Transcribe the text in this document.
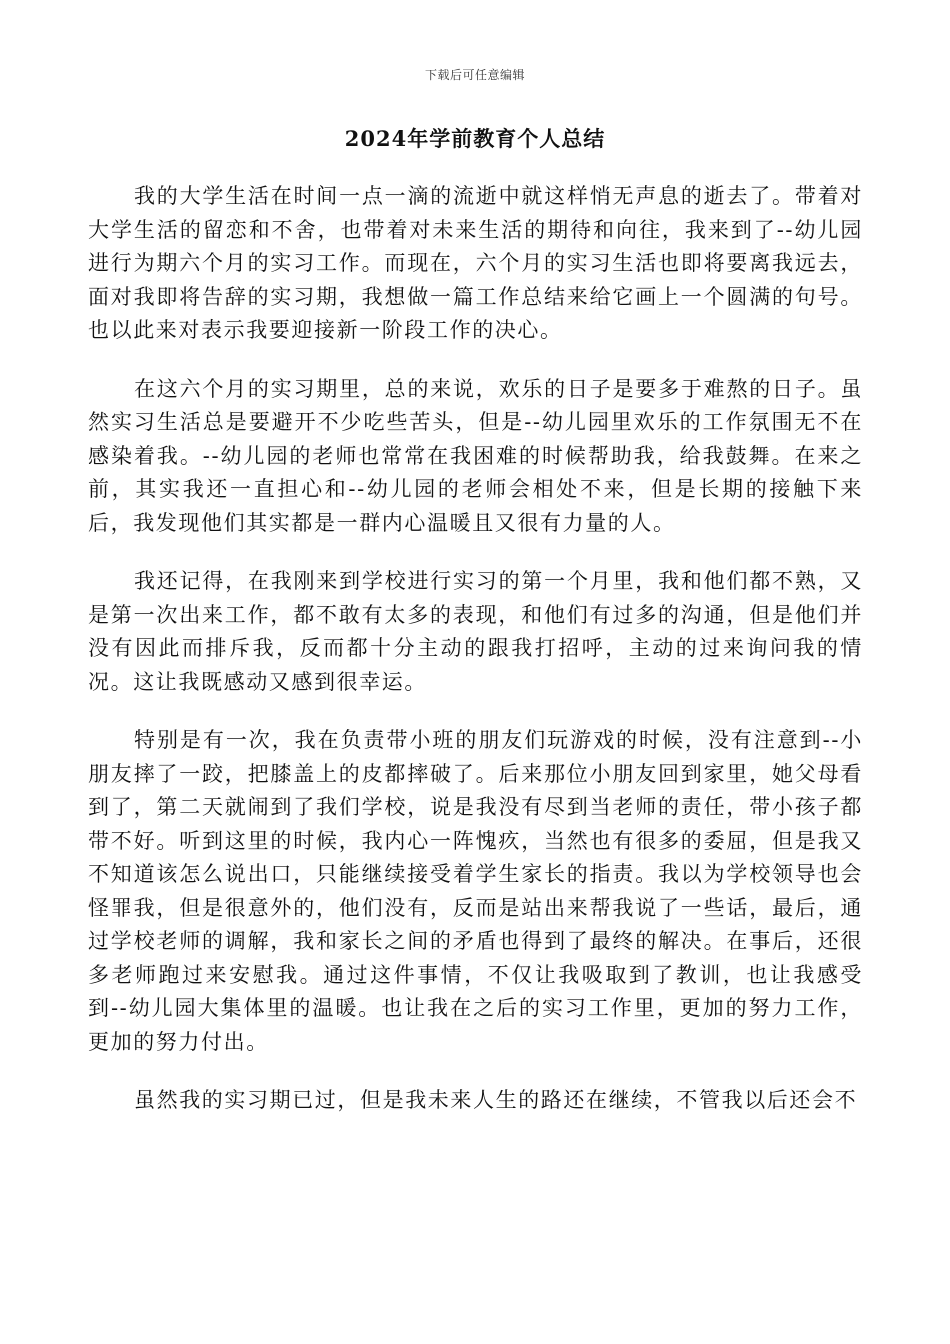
下载后可任意编辑
2024年学前教育个人总结

我的大学生活在时间一点一滴的流逝中就这样悄无声息的逝去了。带着对大学生活的留恋和不舍，也带着对未来生活的期待和向往，我来到了--幼儿园进行为期六个月的实习工作。而现在，六个月的实习生活也即将要离我远去，面对我即将告辞的实习期，我想做一篇工作总结来给它画上一个圆满的句号。也以此来对表示我要迎接新一阶段工作的决心。

在这六个月的实习期里，总的来说，欢乐的日子是要多于难熬的日子。虽然实习生活总是要避开不少吃些苦头，但是--幼儿园里欢乐的工作氛围无不在感染着我。--幼儿园的老师也常常在我困难的时候帮助我，给我鼓舞。在来之前，其实我还一直担心和--幼儿园的老师会相处不来，但是长期的接触下来后，我发现他们其实都是一群内心温暖且又很有力量的人。

我还记得，在我刚来到学校进行实习的第一个月里，我和他们都不熟，又是第一次出来工作，都不敢有太多的表现，和他们有过多的沟通，但是他们并没有因此而排斥我，反而都十分主动的跟我打招呼，主动的过来询问我的情况。这让我既感动又感到很幸运。

特别是有一次，我在负责带小班的朋友们玩游戏的时候，没有注意到--小朋友摔了一跤，把膝盖上的皮都摔破了。后来那位小朋友回到家里，她父母看到了，第二天就闹到了我们学校，说是我没有尽到当老师的责任，带小孩子都带不好。听到这里的时候，我内心一阵愧疚，当然也有很多的委屈，但是我又不知道该怎么说出口，只能继续接受着学生家长的指责。我以为学校领导也会怪罪我，但是很意外的，他们没有，反而是站出来帮我说了一些话，最后，通过学校老师的调解，我和家长之间的矛盾也得到了最终的解决。在事后，还很多老师跑过来安慰我。通过这件事情，不仅让我吸取到了教训，也让我感受到--幼儿园大集体里的温暖。也让我在之后的实习工作里，更加的努力工作，更加的努力付出。

虽然我的实习期已过，但是我未来人生的路还在继续，不管我以后还会不
